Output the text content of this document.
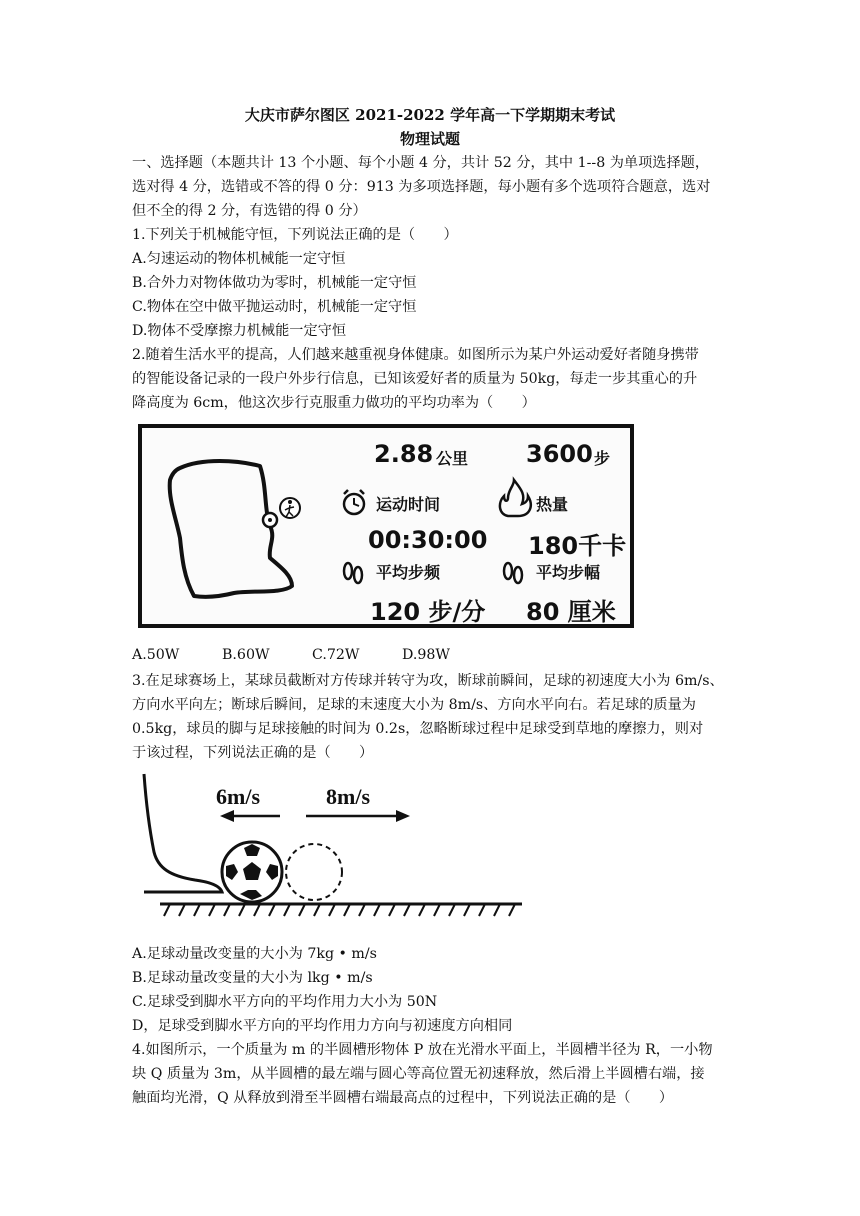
大庆市萨尔图区 2021-2022 学年高一下学期期末考试
物理试题
一、选择题（本题共计 13 个小题、每个小题 4 分，共计 52 分，其中 1--8 为单项选择题，
选对得 4 分，选错或不答的得 0 分：913 为多项选择题，每小题有多个选项符合题意，选对
但不全的得 2 分，有选错的得 0 分）
1.下列关于机械能守恒，下列说法正确的是（　　）
A.匀速运动的物体机械能一定守恒
B.合外力对物体做功为零时，机械能一定守恒
C.物体在空中做平抛运动时，机械能一定守恒
D.物体不受摩擦力机械能一定守恒
2.随着生活水平的提高，人们越来越重视身体健康。如图所示为某户外运动爱好者随身携带
的智能设备记录的一段户外步行信息，已知该爱好者的质量为 50kg，每走一步其重心的升
降高度为 6cm，他这次步行克服重力做功的平均功率为（　　）
2.88 公里 3600 步
运动时间	热量
00:30:00 180千卡
平均步频	平均步幅
120 步/分 80 厘米
A.50W	B.60W	C.72W	D.98W
3.在足球赛场上，某球员截断对方传球并转守为攻，断球前瞬间，足球的初速度大小为 6m/s、
方向水平向左；断球后瞬间，足球的末速度大小为 8m/s、方向水平向右。若足球的质量为
0.5kg，球员的脚与足球接触的时间为 0.2s，忽略断球过程中足球受到草地的摩擦力，则对
于该过程，下列说法正确的是（　　）
6m/s	8m/s
A.足球动量改变量的大小为 7kg • m/s
B.足球动量改变量的大小为 lkg • m/s
C.足球受到脚水平方向的平均作用力大小为 50N
D，足球受到脚水平方向的平均作用力方向与初速度方向相同
4.如图所示，一个质量为 m 的半圆槽形物体 P 放在光滑水平面上，半圆槽半径为 R，一小物
块 Q 质量为 3m，从半圆槽的最左端与圆心等高位置无初速释放，然后滑上半圆槽右端，接
触面均光滑，Q 从释放到滑至半圆槽右端最高点的过程中，下列说法正确的是（　　）
